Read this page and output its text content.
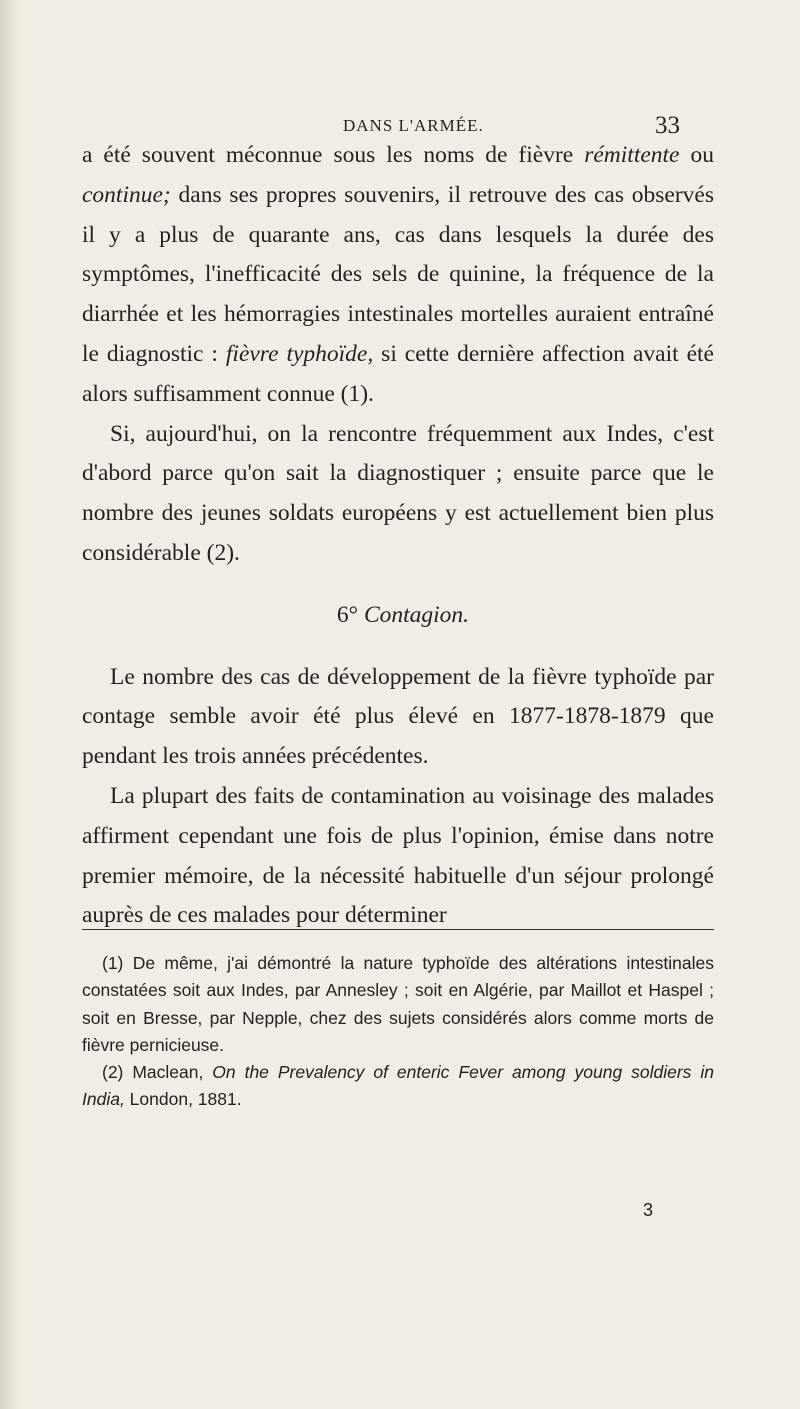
DANS L'ARMÉE.	33

a été souvent méconnue sous les noms de fièvre rémittente ou continue; dans ses propres souvenirs, il retrouve des cas observés il y a plus de quarante ans, cas dans lesquels la durée des symptômes, l'inefficacité des sels de quinine, la fréquence de la diarrhée et les hémorragies intestinales mortelles auraient entraîné le diagnostic : fièvre typhoïde, si cette dernière affection avait été alors suffisamment connue (1).

Si, aujourd'hui, on la rencontre fréquemment aux Indes, c'est d'abord parce qu'on sait la diagnostiquer ; ensuite parce que le nombre des jeunes soldats européens y est actuellement bien plus considérable (2).

6° Contagion.

Le nombre des cas de développement de la fièvre typhoïde par contage semble avoir été plus élevé en 1877-1878-1879 que pendant les trois années précédentes.

La plupart des faits de contamination au voisinage des malades affirment cependant une fois de plus l'opinion, émise dans notre premier mémoire, de la nécessité habituelle d'un séjour prolongé auprès de ces malades pour déterminer

(1) De même, j'ai démontré la nature typhoïde des altérations intestinales constatées soit aux Indes, par Annesley ; soit en Algérie, par Maillot et Haspel ; soit en Bresse, par Nepple, chez des sujets considérés alors comme morts de fièvre pernicieuse.

(2) Maclean, On the Prevalency of enteric Fever among young soldiers in India, London, 1881.

3
